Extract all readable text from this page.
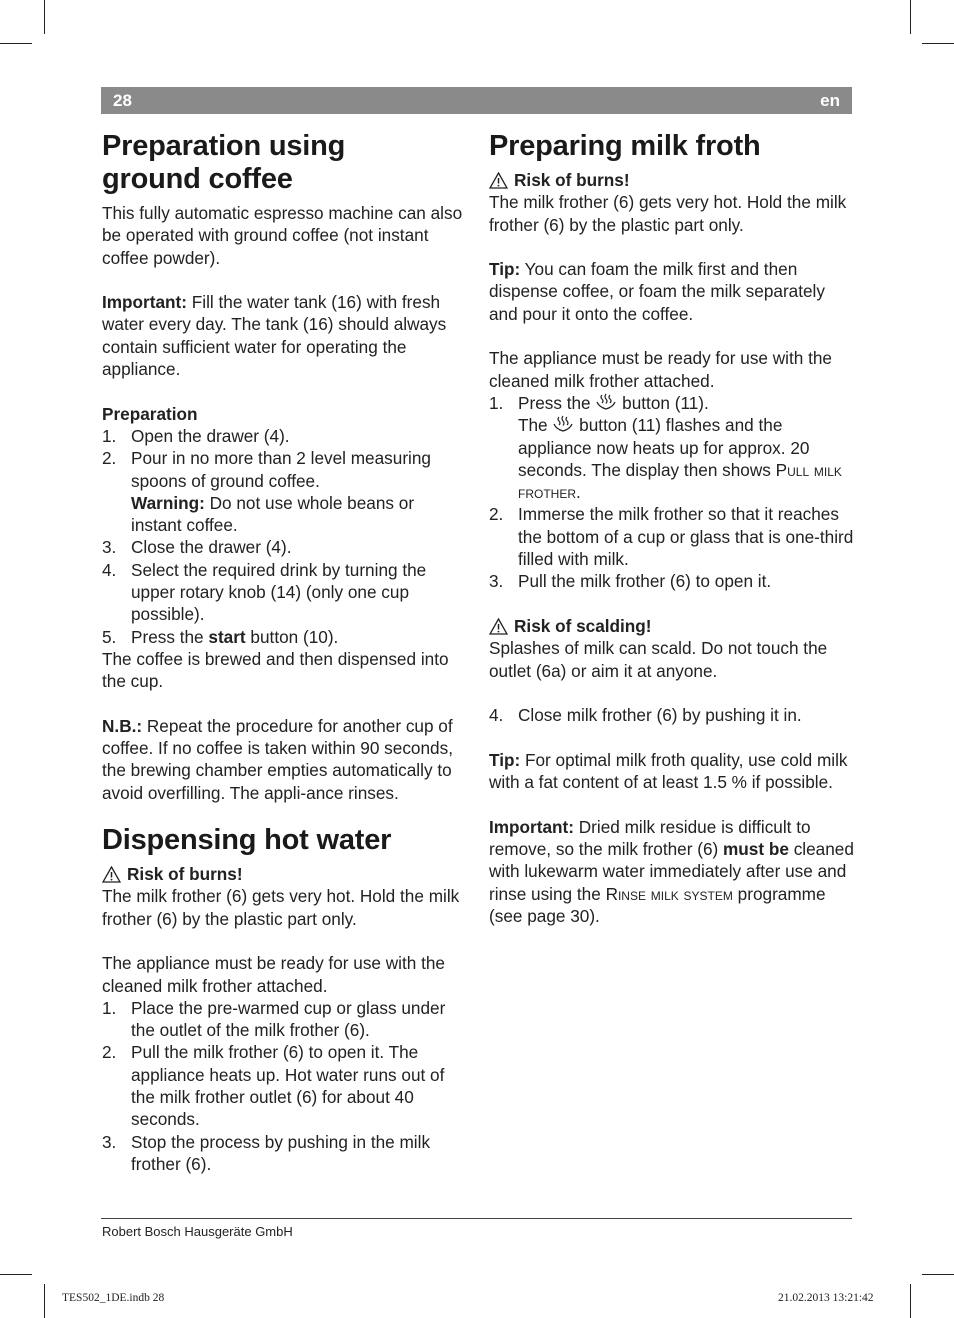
28	en
Preparation using
ground coffee

This fully automatic espresso machine can also be operated with ground coffee (not instant coffee powder).

Important: Fill the water tank (16) with fresh water every day. The tank (16) should always contain sufficient water for operating the appliance.

Preparation

1. Open the drawer (4).
2. Pour in no more than 2 level measuring spoons of ground coffee.
Warning: Do not use whole beans or instant coffee.
3. Close the drawer (4).
4. Select the required drink by turning the upper rotary knob (14) (only one cup possible).
5. Press the start button (10).

The coffee is brewed and then dispensed into the cup.

N.B.: Repeat the procedure for another cup of coffee. If no coffee is taken within 90 seconds, the brewing chamber empties automatically to avoid overfilling. The appli-ance rinses.

Dispensing hot water

Risk of burns!

The milk frother (6) gets very hot. Hold the milk frother (6) by the plastic part only.

The appliance must be ready for use with the cleaned milk frother attached.

1. Place the pre-warmed cup or glass under the outlet of the milk frother (6).
2. Pull the milk frother (6) to open it. The appliance heats up. Hot water runs out of the milk frother outlet (6) for about 40 seconds.
3. Stop the process by pushing in the milk frother (6).
Preparing milk froth

Risk of burns!

The milk frother (6) gets very hot. Hold the milk frother (6) by the plastic part only.

Tip: You can foam the milk first and then dispense coffee, or foam the milk separately and pour it onto the coffee.

The appliance must be ready for use with the cleaned milk frother attached.

1. Press the  button (11).
The  button (11) flashes and the appliance now heats up for approx. 20 seconds. The display then shows Pull milk frother.
2. Immerse the milk frother so that it reaches the bottom of a cup or glass that is one-third filled with milk.
3. Pull the milk frother (6) to open it.

Risk of scalding!

Splashes of milk can scald. Do not touch the outlet (6a) or aim it at anyone.

4. Close milk frother (6) by pushing it in.

Tip: For optimal milk froth quality, use cold milk with a fat content of at least 1.5 % if possible.

Important: Dried milk residue is difficult to remove, so the milk frother (6) must be cleaned with lukewarm water immediately after use and rinse using the Rinse milk system programme (see page 30).

Robert Bosch Hausgeräte GmbH
TES502_1DE.indb 28	21.02.2013 13:21:42
